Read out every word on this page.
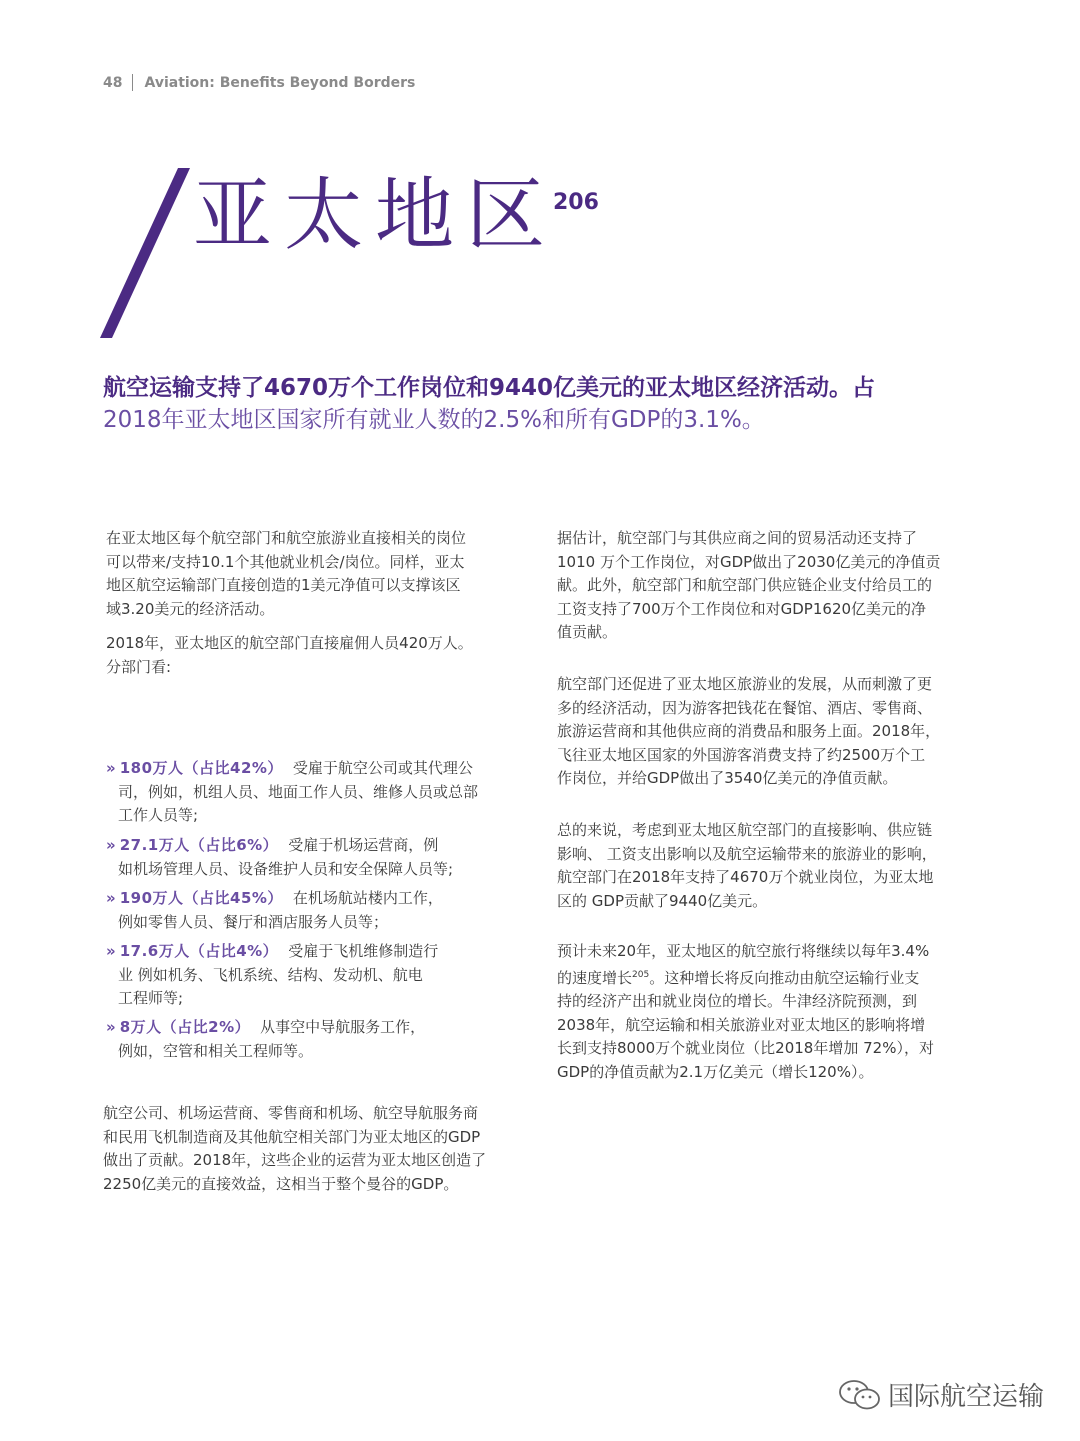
48 Aviation: Benefits Beyond Borders
亚太地区
206
航空运输支持了4670万个工作岗位和9440亿美元的亚太地区经济活动。占
2018年亚太地区国家所有就业人数的2.5%和所有GDP的3.1%。

在亚太地区每个航空部门和航空旅游业直接相关的岗位

可以带来/支持10.1个其他就业机会/岗位。同样，亚太

地区航空运输部门直接创造的1美元净值可以支撑该区

域3.20美元的经济活动。

2018年，亚太地区的航空部门直接雇佣人员420万人。

分部门看:

» 180万人（占比42%） 受雇于航空公司或其代理公
司，例如，机组人员、地面工作人员、维修人员或总部
工作人员等;
» 27.1万人（占比6%） 受雇于机场运营商，例
如机场管理人员、设备维护人员和安全保障人员等;
» 190万人（占比45%） 在机场航站楼内工作，
例如零售人员、餐厅和酒店服务人员等；
» 17.6万人（占比4%） 受雇于飞机维修制造行
业 例如机务、飞机系统、结构、发动机、航电
工程师等;
» 8万人（占比2%） 从事空中导航服务工作，
例如，空管和相关工程师等。

航空公司、机场运营商、零售商和机场、航空导航服务商

和民用飞机制造商及其他航空相关部门为亚太地区的GDP

做出了贡献。2018年，这些企业的运营为亚太地区创造了

2250亿美元的直接效益，这相当于整个曼谷的GDP。

据估计，航空部门与其供应商之间的贸易活动还支持了

1010 万个工作岗位，对GDP做出了2030亿美元的净值贡

献。此外，航空部门和航空部门供应链企业支付给员工的

工资支持了700万个工作岗位和对GDP1620亿美元的净

值贡献。

航空部门还促进了亚太地区旅游业的发展，从而刺激了更

多的经济活动，因为游客把钱花在餐馆、酒店、零售商、

旅游运营商和其他供应商的消费品和服务上面。2018年，

飞往亚太地区国家的外国游客消费支持了约2500万个工

作岗位，并给GDP做出了3540亿美元的净值贡献。

总的来说，考虑到亚太地区航空部门的直接影响、供应链

影响、 工资支出影响以及航空运输带来的旅游业的影响，

航空部门在2018年支持了4670万个就业岗位，为亚太地

区的 GDP贡献了9440亿美元。

预计未来20年，亚太地区的航空旅行将继续以每年3.4%

的速度增长$^{205}$。这种增长将反向推动由航空运输行业支

持的经济产出和就业岗位的增长。牛津经济院预测，到

2038年，航空运输和相关旅游业对亚太地区的影响将增

长到支持8000万个就业岗位（比2018年增加 72%），对

GDP的净值贡献为2.1万亿美元（增长120%）。

国际航空运输
